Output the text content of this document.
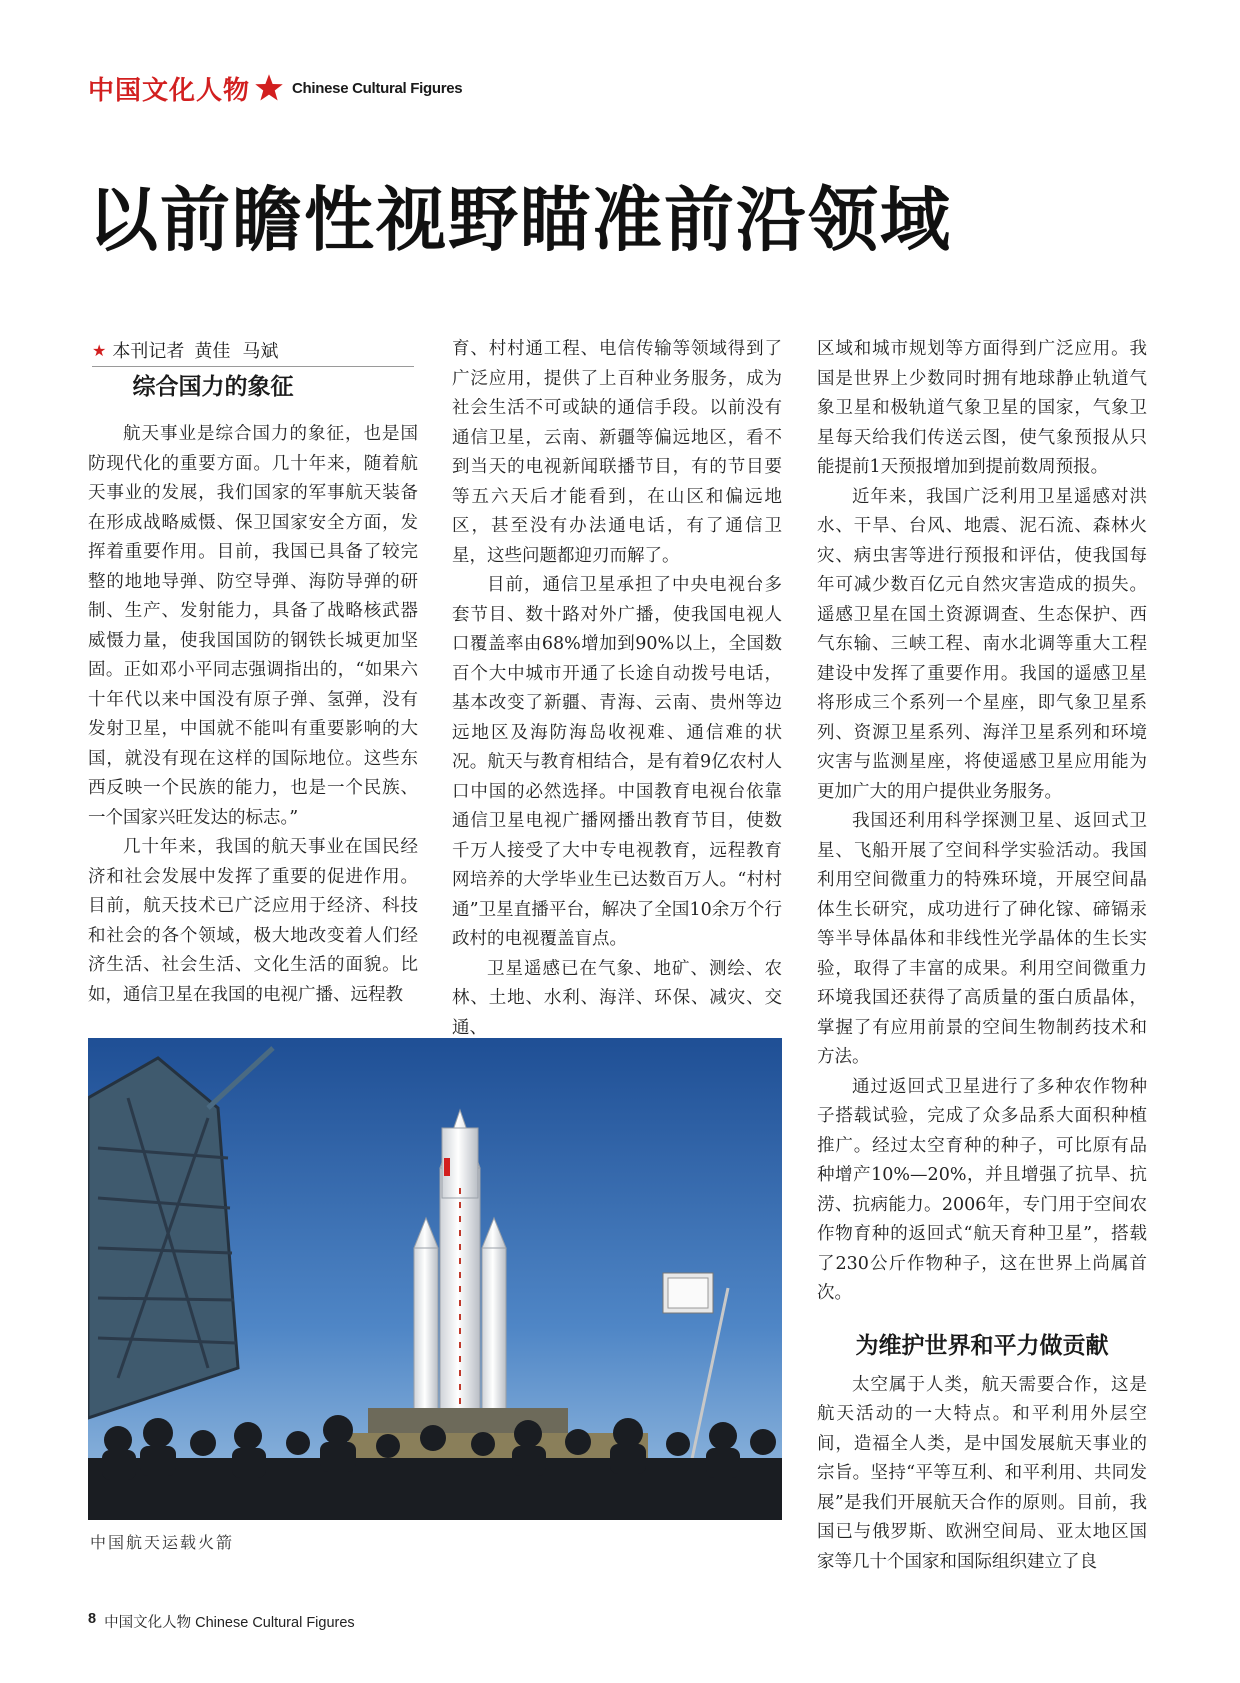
中国文化人物	Chinese Cultural Figures
以前瞻性视野瞄准前沿领域
★ 本刊记者 黄佳 马斌
综合国力的象征

航天事业是综合国力的象征，也是国防现代化的重要方面。几十年来，随着航天事业的发展，我们国家的军事航天装备在形成战略威慑、保卫国家安全方面，发挥着重要作用。目前，我国已具备了较完整的地地导弹、防空导弹、海防导弹的研制、生产、发射能力，具备了战略核武器威慑力量，使我国国防的钢铁长城更加坚固。正如邓小平同志强调指出的，“如果六十年代以来中国没有原子弹、氢弹，没有发射卫星，中国就不能叫有重要影响的大国，就没有现在这样的国际地位。这些东西反映一个民族的能力，也是一个民族、一个国家兴旺发达的标志。”

几十年来，我国的航天事业在国民经济和社会发展中发挥了重要的促进作用。目前，航天技术已广泛应用于经济、科技和社会的各个领域，极大地改变着人们经济生活、社会生活、文化生活的面貌。比如，通信卫星在我国的电视广播、远程教

育、村村通工程、电信传输等领域得到了广泛应用，提供了上百种业务服务，成为社会生活不可或缺的通信手段。以前没有通信卫星，云南、新疆等偏远地区，看不到当天的电视新闻联播节目，有的节目要等五六天后才能看到，在山区和偏远地区，甚至没有办法通电话，有了通信卫星，这些问题都迎刃而解了。

目前，通信卫星承担了中央电视台多套节目、数十路对外广播，使我国电视人口覆盖率由68%增加到90%以上，全国数百个大中城市开通了长途自动拨号电话，基本改变了新疆、青海、云南、贵州等边远地区及海防海岛收视难、通信难的状况。航天与教育相结合，是有着9亿农村人口中国的必然选择。中国教育电视台依靠通信卫星电视广播网播出教育节目，使数千万人接受了大中专电视教育，远程教育网培养的大学毕业生已达数百万人。“村村通”卫星直播平台，解决了全国10余万个行政村的电视覆盖盲点。

卫星遥感已在气象、地矿、测绘、农林、土地、水利、海洋、环保、减灾、交通、

区域和城市规划等方面得到广泛应用。我国是世界上少数同时拥有地球静止轨道气象卫星和极轨道气象卫星的国家，气象卫星每天给我们传送云图，使气象预报从只能提前1天预报增加到提前数周预报。

近年来，我国广泛利用卫星遥感对洪水、干旱、台风、地震、泥石流、森林火灾、病虫害等进行预报和评估，使我国每年可减少数百亿元自然灾害造成的损失。遥感卫星在国土资源调查、生态保护、西气东输、三峡工程、南水北调等重大工程建设中发挥了重要作用。我国的遥感卫星将形成三个系列一个星座，即气象卫星系列、资源卫星系列、海洋卫星系列和环境灾害与监测星座，将使遥感卫星应用能为更加广大的用户提供业务服务。

我国还利用科学探测卫星、返回式卫星、飞船开展了空间科学实验活动。我国利用空间微重力的特殊环境，开展空间晶体生长研究，成功进行了砷化镓、碲镉汞等半导体晶体和非线性光学晶体的生长实验，取得了丰富的成果。利用空间微重力环境我国还获得了高质量的蛋白质晶体，掌握了有应用前景的空间生物制药技术和方法。

通过返回式卫星进行了多种农作物种子搭载试验，完成了众多品系大面积种植推广。经过太空育种的种子，可比原有品种增产10%—20%，并且增强了抗旱、抗涝、抗病能力。2006年，专门用于空间农作物育种的返回式“航天育种卫星”，搭载了230公斤作物种子，这在世界上尚属首次。

为维护世界和平力做贡献

太空属于人类，航天需要合作，这是航天活动的一大特点。和平利用外层空间，造福全人类，是中国发展航天事业的宗旨。坚持“平等互利、和平利用、共同发展”是我们开展航天合作的原则。目前，我国已与俄罗斯、欧洲空间局、亚太地区国家等几十个国家和国际组织建立了良

中国航天运载火箭
8 中国文化人物 Chinese Cultural Figures
